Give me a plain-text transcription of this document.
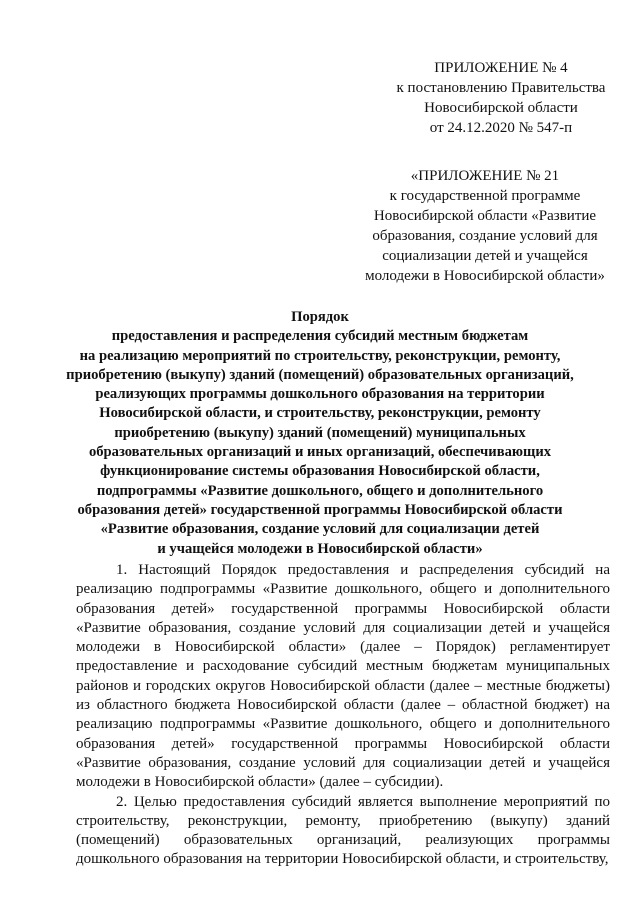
ПРИЛОЖЕНИЕ № 4
к постановлению Правительства
Новосибирской области
от 24.12.2020 № 547-п
«ПРИЛОЖЕНИЕ № 21
к государственной программе
Новосибирской области «Развитие
образования, создание условий для
социализации детей и учащейся
молодежи в Новосибирской области»
Порядок
предоставления и распределения субсидий местным бюджетам
на реализацию мероприятий по строительству, реконструкции, ремонту,
приобретению (выкупу) зданий (помещений) образовательных организаций,
реализующих программы дошкольного образования на территории
Новосибирской области, и строительству, реконструкции, ремонту
приобретению (выкупу) зданий (помещений) муниципальных
образовательных организаций и иных организаций, обеспечивающих
функционирование системы образования Новосибирской области,
подпрограммы «Развитие дошкольного, общего и дополнительного
образования детей» государственной программы Новосибирской области
«Развитие образования, создание условий для социализации детей
и учащейся молодежи в Новосибирской области»
1. Настоящий Порядок предоставления и распределения субсидий на реализацию подпрограммы «Развитие дошкольного, общего и дополнительного образования детей» государственной программы Новосибирской области «Развитие образования, создание условий для социализации детей и учащейся молодежи в Новосибирской области» (далее – Порядок) регламентирует предоставление и расходование субсидий местным бюджетам муниципальных районов и городских округов Новосибирской области (далее – местные бюджеты) из областного бюджета Новосибирской области (далее – областной бюджет) на реализацию подпрограммы «Развитие дошкольного, общего и дополнительного образования детей» государственной программы Новосибирской области «Развитие образования, создание условий для социализации детей и учащейся молодежи в Новосибирской области» (далее – субсидии).
2. Целью предоставления субсидий является выполнение мероприятий по строительству, реконструкции, ремонту, приобретению (выкупу) зданий (помещений) образовательных организаций, реализующих программы дошкольного образования на территории Новосибирской области, и строительству,
